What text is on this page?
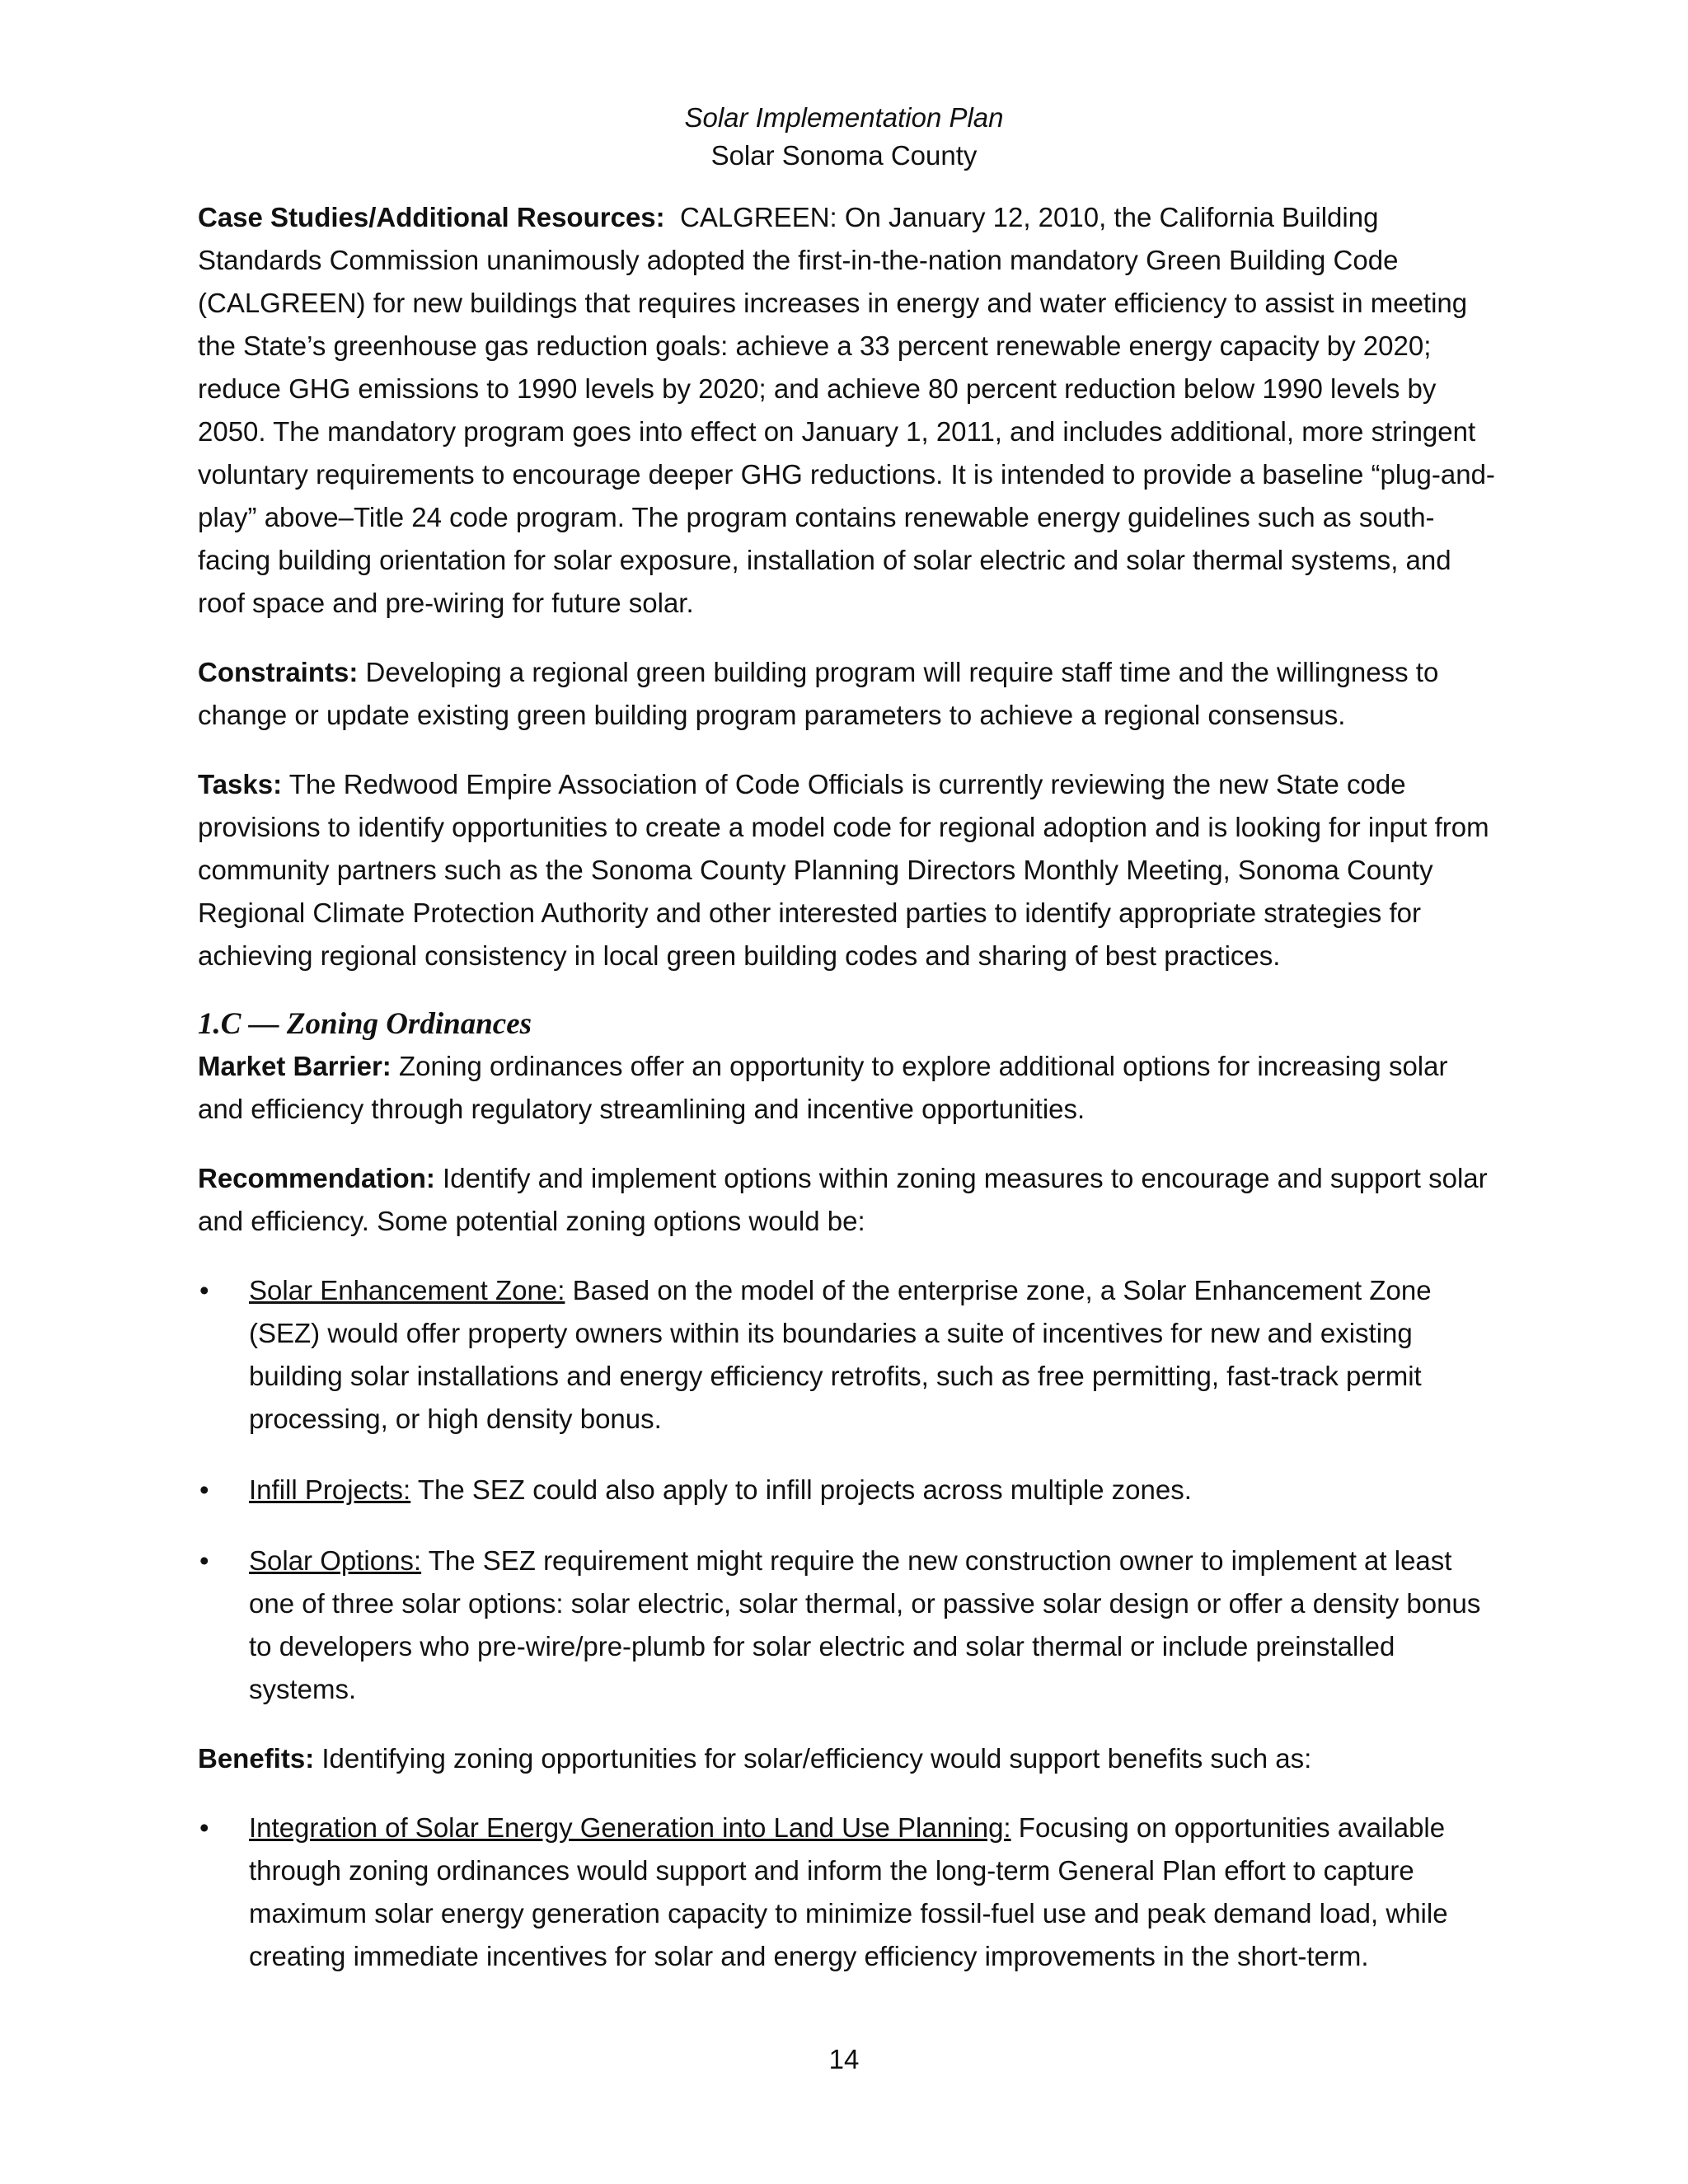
Solar Implementation Plan
Solar Sonoma County

Case Studies/Additional Resources: CALGREEN: On January 12, 2010, the California Building Standards Commission unanimously adopted the first-in-the-nation mandatory Green Building Code (CALGREEN) for new buildings that requires increases in energy and water efficiency to assist in meeting the State’s greenhouse gas reduction goals: achieve a 33 percent renewable energy capacity by 2020; reduce GHG emissions to 1990 levels by 2020; and achieve 80 percent reduction below 1990 levels by 2050. The mandatory program goes into effect on January 1, 2011, and includes additional, more stringent voluntary requirements to encourage deeper GHG reductions. It is intended to provide a baseline “plug-and-play” above–Title 24 code program. The program contains renewable energy guidelines such as south-facing building orientation for solar exposure, installation of solar electric and solar thermal systems, and roof space and pre-wiring for future solar.

Constraints: Developing a regional green building program will require staff time and the willingness to change or update existing green building program parameters to achieve a regional consensus.

Tasks: The Redwood Empire Association of Code Officials is currently reviewing the new State code provisions to identify opportunities to create a model code for regional adoption and is looking for input from community partners such as the Sonoma County Planning Directors Monthly Meeting, Sonoma County Regional Climate Protection Authority and other interested parties to identify appropriate strategies for achieving regional consistency in local green building codes and sharing of best practices.

1.C — Zoning Ordinances

Market Barrier: Zoning ordinances offer an opportunity to explore additional options for increasing solar and efficiency through regulatory streamlining and incentive opportunities.

Recommendation: Identify and implement options within zoning measures to encourage and support solar and efficiency. Some potential zoning options would be:

• Solar Enhancement Zone: Based on the model of the enterprise zone, a Solar Enhancement Zone (SEZ) would offer property owners within its boundaries a suite of incentives for new and existing building solar installations and energy efficiency retrofits, such as free permitting, fast-track permit processing, or high density bonus.
• Infill Projects: The SEZ could also apply to infill projects across multiple zones.
• Solar Options: The SEZ requirement might require the new construction owner to implement at least one of three solar options: solar electric, solar thermal, or passive solar design or offer a density bonus to developers who pre-wire/pre-plumb for solar electric and solar thermal or include preinstalled systems.

Benefits: Identifying zoning opportunities for solar/efficiency would support benefits such as:

• Integration of Solar Energy Generation into Land Use Planning: Focusing on opportunities available through zoning ordinances would support and inform the long-term General Plan effort to capture maximum solar energy generation capacity to minimize fossil-fuel use and peak demand load, while creating immediate incentives for solar and energy efficiency improvements in the short-term.
14
